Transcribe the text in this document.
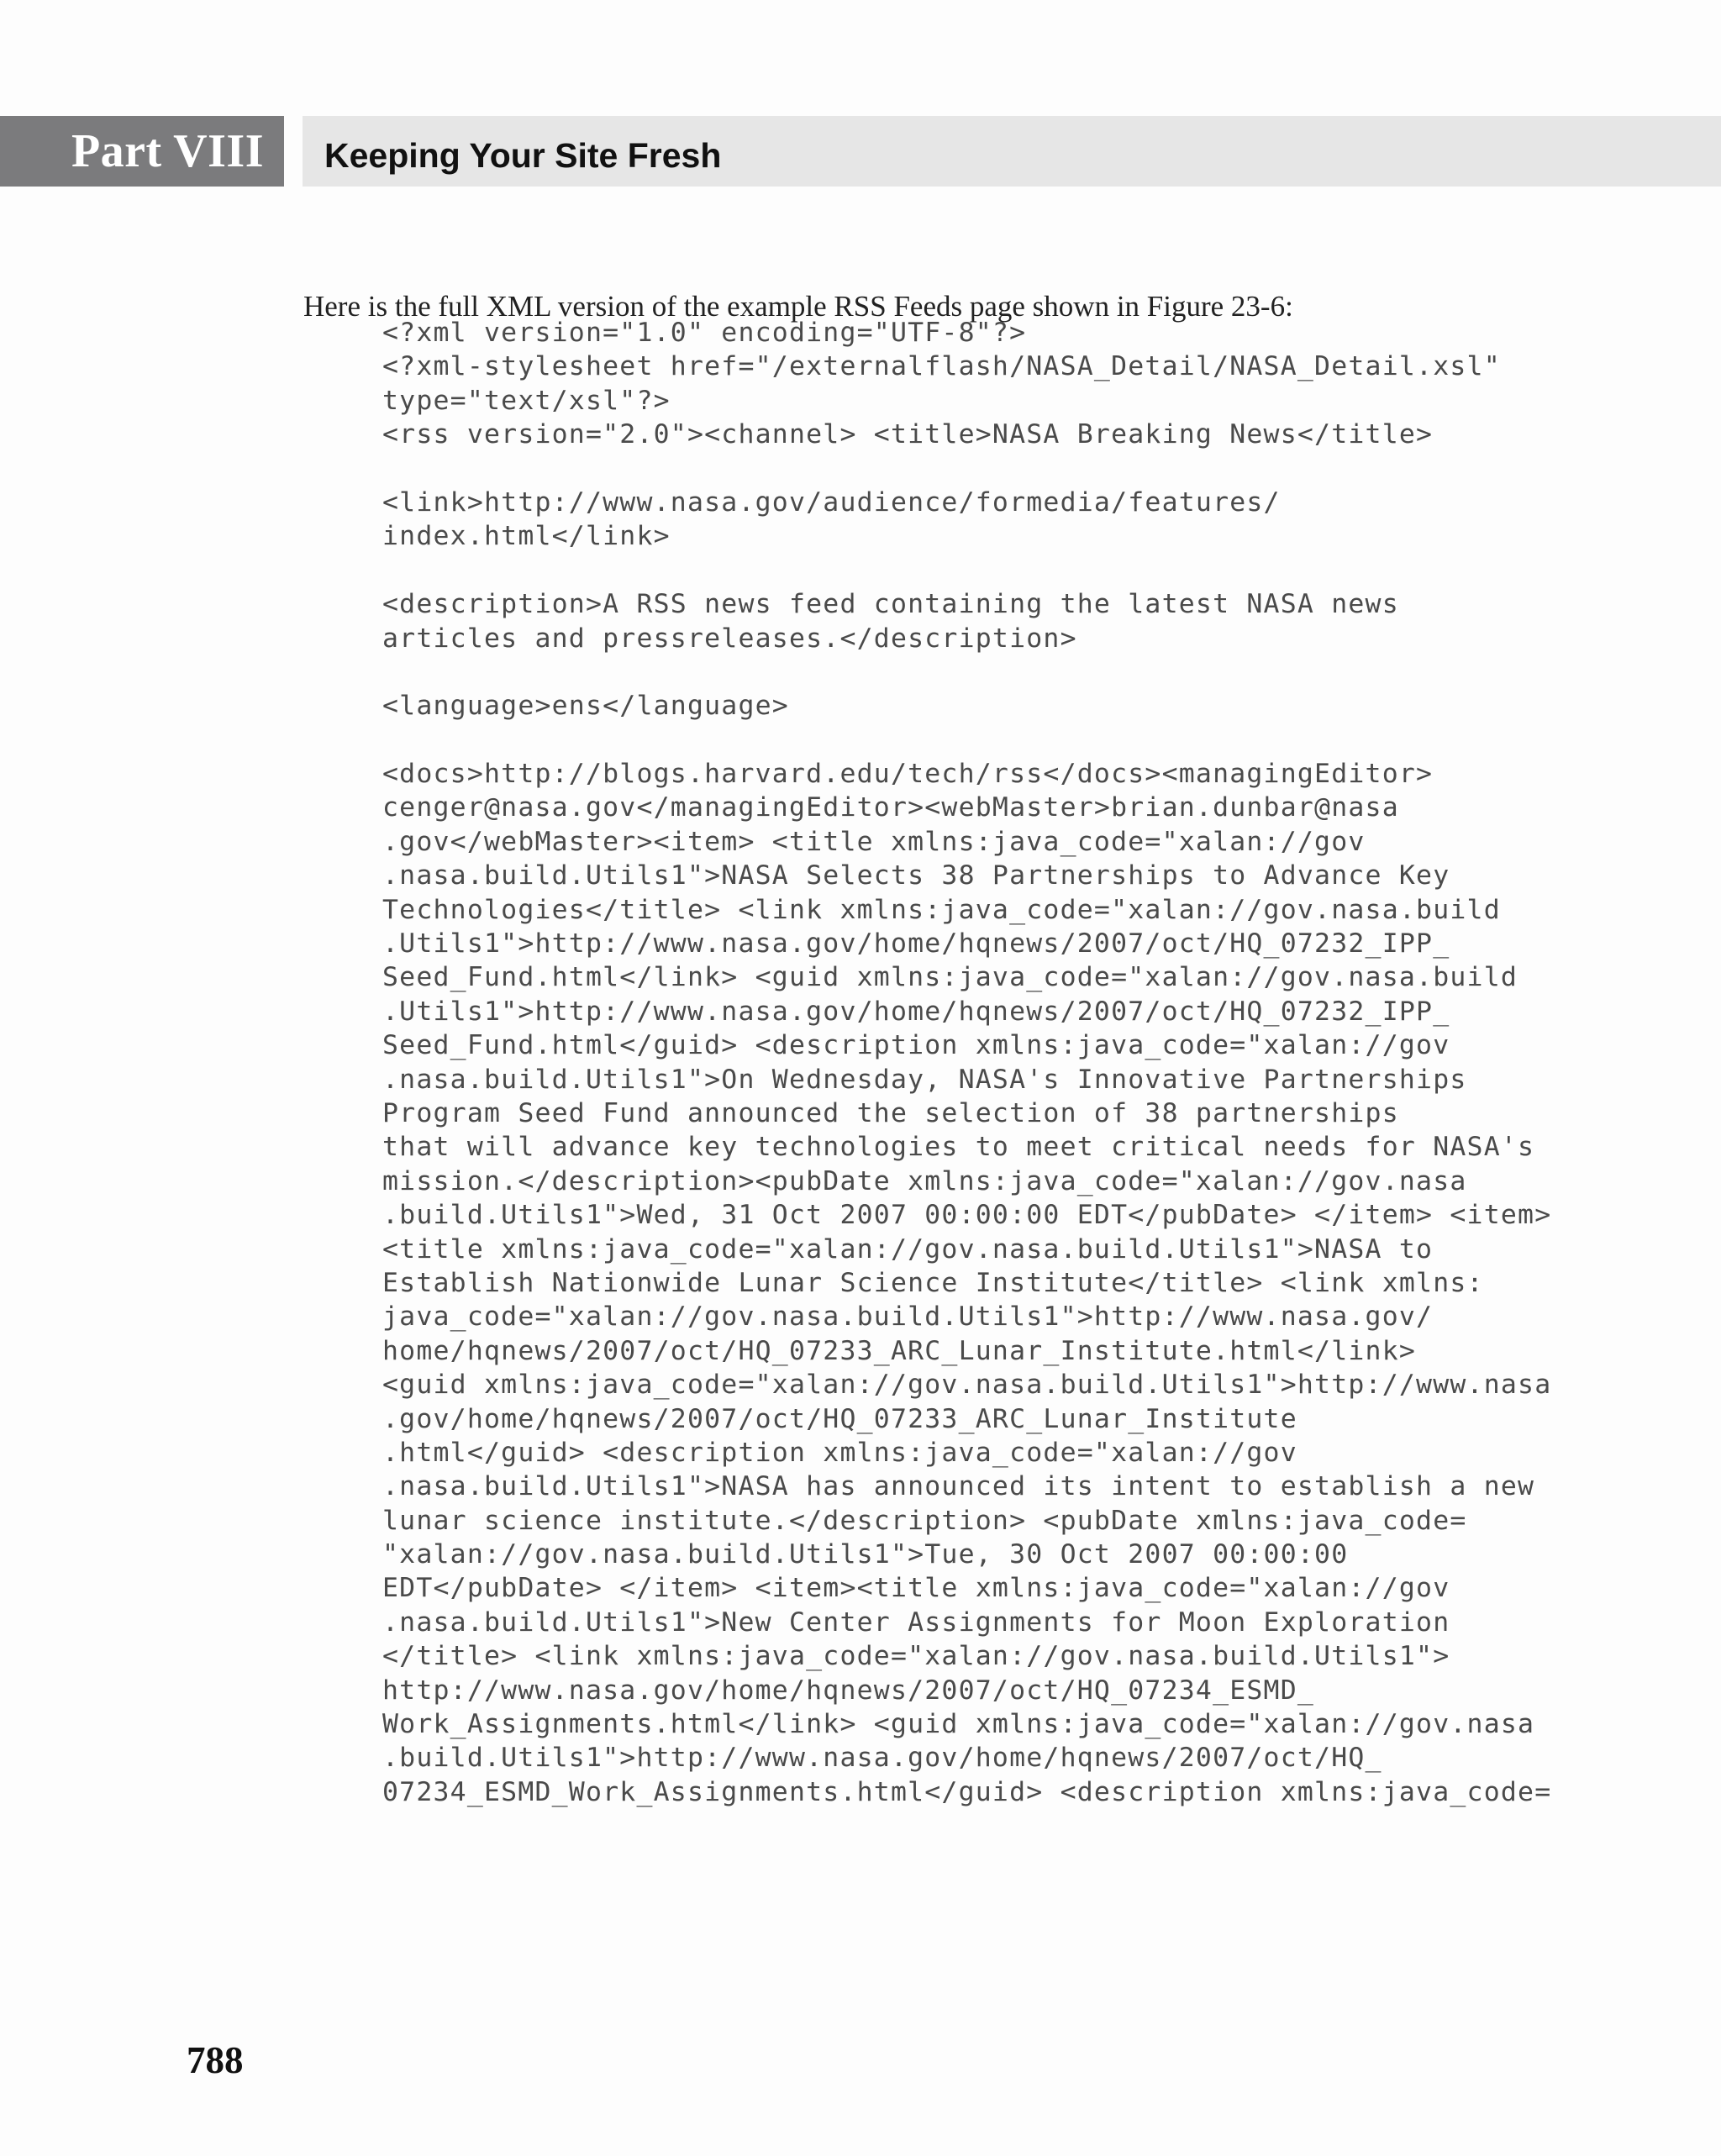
Part VIII Keeping Your Site Fresh

Here is the full XML version of the example RSS Feeds page shown in Figure 23-6:

<?xml version="1.0" encoding="UTF-8"?>
<?xml-stylesheet href="/externalflash/NASA_Detail/NASA_Detail.xsl"
type="text/xsl"?>
<rss version="2.0"><channel> <title>NASA Breaking News</title>
<link>http://www.nasa.gov/audience/formedia/features/
index.html</link>
<description>A RSS news feed containing the latest NASA news
articles and pressreleases.</description>
<language>ens</language>
<docs>http://blogs.harvard.edu/tech/rss</docs><managingEditor>
cenger@nasa.gov</managingEditor><webMaster>brian.dunbar@nasa
.gov</webMaster><item> <title xmlns:java_code="xalan://gov
.nasa.build.Utils1">NASA Selects 38 Partnerships to Advance Key
Technologies</title> <link xmlns:java_code="xalan://gov.nasa.build
.Utils1">http://www.nasa.gov/home/hqnews/2007/oct/HQ_07232_IPP_
Seed_Fund.html</link> <guid xmlns:java_code="xalan://gov.nasa.build
.Utils1">http://www.nasa.gov/home/hqnews/2007/oct/HQ_07232_IPP_
Seed_Fund.html</guid> <description xmlns:java_code="xalan://gov
.nasa.build.Utils1">On Wednesday, NASA's Innovative Partnerships
Program Seed Fund announced the selection of 38 partnerships
that will advance key technologies to meet critical needs for NASA's
mission.</description><pubDate xmlns:java_code="xalan://gov.nasa
.build.Utils1">Wed, 31 Oct 2007 00:00:00 EDT</pubDate> </item> <item>
<title xmlns:java_code="xalan://gov.nasa.build.Utils1">NASA to
Establish Nationwide Lunar Science Institute</title> <link xmlns:
java_code="xalan://gov.nasa.build.Utils1">http://www.nasa.gov/
home/hqnews/2007/oct/HQ_07233_ARC_Lunar_Institute.html</link>
<guid xmlns:java_code="xalan://gov.nasa.build.Utils1">http://www.nasa
.gov/home/hqnews/2007/oct/HQ_07233_ARC_Lunar_Institute
.html</guid> <description xmlns:java_code="xalan://gov
.nasa.build.Utils1">NASA has announced its intent to establish a new
lunar science institute.</description> <pubDate xmlns:java_code=
"xalan://gov.nasa.build.Utils1">Tue, 30 Oct 2007 00:00:00
EDT</pubDate> </item> <item><title xmlns:java_code="xalan://gov
.nasa.build.Utils1">New Center Assignments for Moon Exploration
</title> <link xmlns:java_code="xalan://gov.nasa.build.Utils1">
http://www.nasa.gov/home/hqnews/2007/oct/HQ_07234_ESMD_
Work_Assignments.html</link> <guid xmlns:java_code="xalan://gov.nasa
.build.Utils1">http://www.nasa.gov/home/hqnews/2007/oct/HQ_
07234_ESMD_Work_Assignments.html</guid> <description xmlns:java_code=
788
